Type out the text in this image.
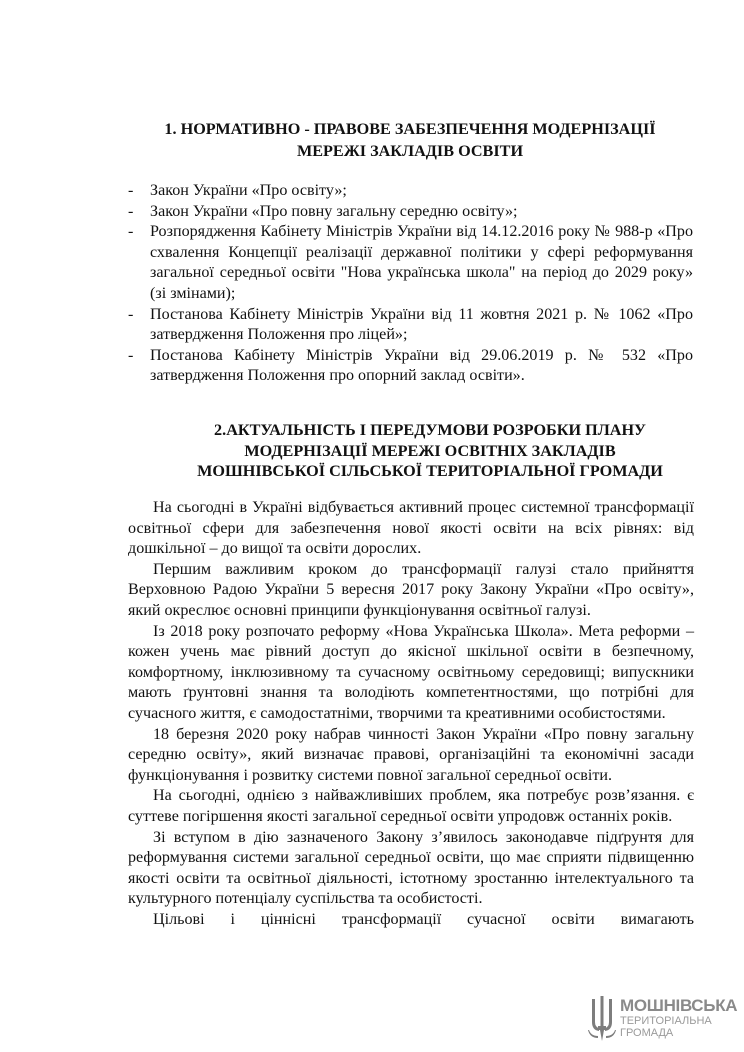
1. НОРМАТИВНО - ПРАВОВЕ ЗАБЕЗПЕЧЕННЯ МОДЕРНІЗАЦІЇ
МЕРЕЖІ ЗАКЛАДІВ ОСВІТИ
- Закон України «Про освіту»;
- Закон України «Про повну загальну середню освіту»;
- Розпорядження Кабінету Міністрів України від 14.12.2016 року № 988-р «Про схвалення Концепції реалізації державної політики у сфері реформування загальної середньої освіти "Нова українська школа" на період до 2029 року» (зі змінами);
- Постанова Кабінету Міністрів України від 11 жовтня 2021 р. № 1062 «Про затвердження Положення про ліцей»;
- Постанова Кабінету Міністрів України від 29.06.2019 р. № 532 «Про затвердження Положення про опорний заклад освіти».
2.АКТУАЛЬНІСТЬ І ПЕРЕДУМОВИ РОЗРОБКИ ПЛАНУ
МОДЕРНІЗАЦІЇ МЕРЕЖІ ОСВІТНІХ ЗАКЛАДІВ
МОШНІВСЬКОЇ СІЛЬСЬКОЇ ТЕРИТОРІАЛЬНОЇ ГРОМАДИ

На сьогодні в Україні відбувається активний процес системної трансформації освітньої сфери для забезпечення нової якості освіти на всіх рівнях: від дошкільної – до вищої та освіти дорослих.

Першим важливим кроком до трансформації галузі стало прийняття Верховною Радою України 5 вересня 2017 року Закону України «Про освіту», який окреслює основні принципи функціонування освітньої галузі.

Із 2018 року розпочато реформу «Нова Українська Школа». Мета реформи – кожен учень має рівний доступ до якісної шкільної освіти в безпечному, комфортному, інклюзивному та сучасному освітньому середовищі; випускники мають ґрунтовні знання та володіють компетентностями, що потрібні для сучасного життя, є самодостатніми, творчими та креативними особистостями.

18 березня 2020 року набрав чинності Закон України «Про повну загальну середню освіту», який визначає правові, організаційні та економічні засади функціонування і розвитку системи повної загальної середньої освіти.

На сьогодні, однією з найважливіших проблем, яка потребує розв’язання. є суттеве погіршення якості загальної середньої освіти упродовж останніх років.

Зі вступом в дію зазначеного Закону з’явилось законодавче підґрунтя для реформування системи загальної середньої освіти, що має сприяти підвищенню якості освіти та освітньої діяльності, істотному зростанню інтелектуального та культурного потенціалу суспільства та особистості.

Цільові і ціннісні трансформації сучасної освіти вимагають

МОШНІВСЬКА
ТЕРИТОРІАЛЬНА
ГРОМАДА
